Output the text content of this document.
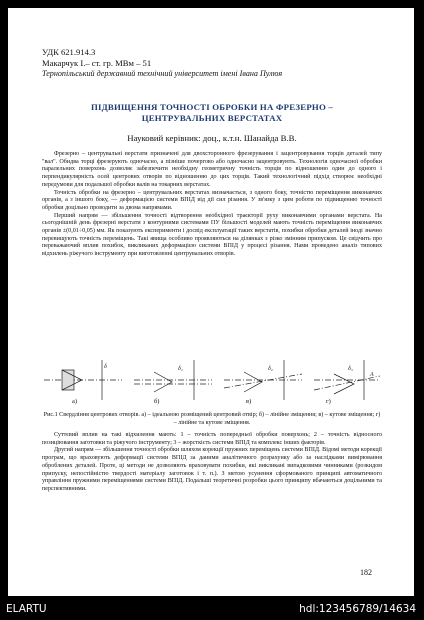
УДК 621.914.3
Макарчук І.– ст. гр. МВм – 51
Тернопільський державний технічний університет імені Івана Пулюя
ПІДВИЩЕННЯ ТОЧНОСТІ ОБРОБКИ НА ФРЕЗЕРНО –
ЦЕНТРУВАЛЬНИХ ВЕРСТАТАХ
Науковий керівник: доц., к.т.н. Шанайда В.В.

Фрезерно – центрувальні верстати призначені для двохсторонного фрезерування і зацентровування торців деталей типу "вал". Обидва торці фрезерують одночасно, а пізніше почергово або одночасно зацентровують. Технологія одночасної обробки паралельних поверхонь дозволяє забезпечити необхідну геометричну точність торців по відношенню один до одного і перпендикулярність осей центрових отворів по відношенню до цих торців. Такий технологічний підхід створює необхідні передумови для подальшої обробки валів на токарних верстатах.

Точність обробки на фрезерно – центрувальних верстатах визначається, з одного боку, точністю переміщення виконавчих органів, а з іншого боку, — деформацією системи ВПІД від дії сил різання. У зв'язку з цим роботи по підвищенню точності обробки доцільно проводити за двома напрямами.

Перший напрям — збільшення точності відтворення необхідної траєкторії руху виконавчими органами верстата. На сьогоднішній день фрезерні верстати з контурними системами ПУ більшості моделей мають точність переміщення виконавчих органів ±(0,01÷0,05) мм. Як показують експерименти і досвід експлуатації таких верстатів, похибки обробки деталей іноді значно перевищують точність переміщень. Такі явища особливо проявляються на ділянках з різко змінним припуском. Це свідчить про переважаючий вплив похибок, викликаних деформацією системи ВПІД у процесі різання. Нами проведено аналіз типових відхилень ріжучого інструменту при виготовленні центрувальних отворів.

δ	δ₁	δ₂	δ₃
A
а)	б)	в)	г)
Рис.1 Свердління центрових отворів. а) – ідеальною розміщений центровий отвір; б) – лінійне зміщення; в) – кутове зміщення; г) – лінійне та кутове зміщення.

Суттєвий вплив на такі відхилення мають: 1 – точність попередньої обробки поверхонь; 2 – точність відносного позиціювання заготовки та ріжучого інструменту; 3 – жорсткість системи ВПІД та комплекс інших факторів.

Другий напрям — збільшення точності обробки шляхом корекції пружних переміщень системи ВПІД. Відомі методи корекції програм, що враховують деформації системи ВПІД за даними аналітичного розрахунку або за наслідками вимірювання оброблених деталей. Проте, ці методи не дозволяють враховувати похибки, які викликані випадковими чинниками (розкидом припуску, непостійністю твердості матеріалу заготовок і т. п.). З метою усунення сформованого принципі автоматичного управління пружними переміщеннями системи ВПІД. Подальші теоретичні розробки цього принципу вбачаються доцільними та перспективними.

182
ELARTU	hdl:123456789/14634
